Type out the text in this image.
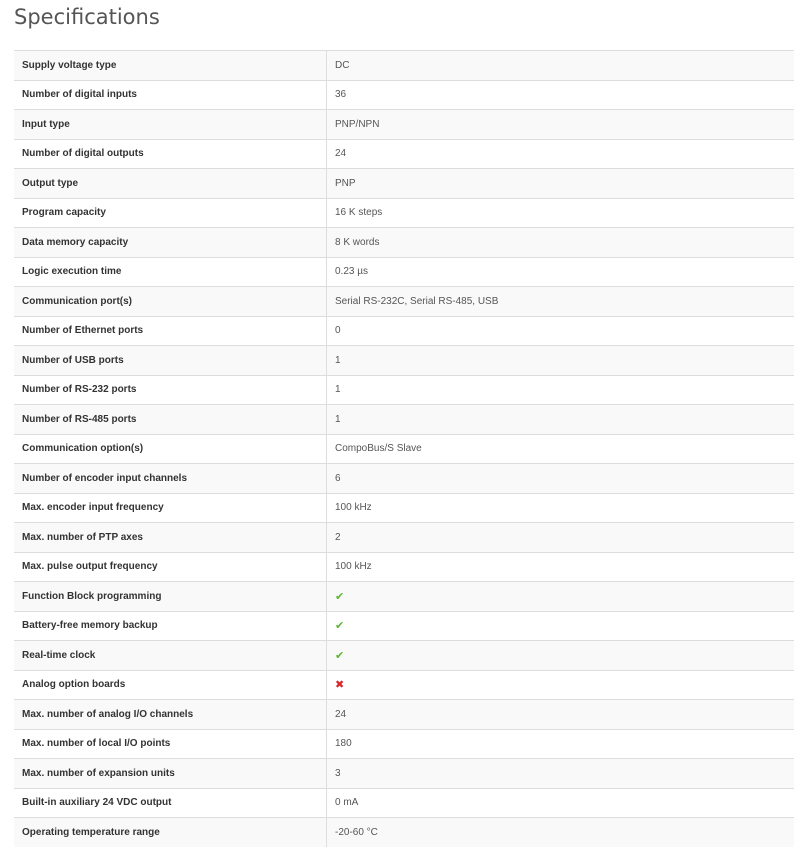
Specifications
Supply voltage type	DC
Number of digital inputs	36
Input type	PNP/NPN
Number of digital outputs	24
Output type	PNP
Program capacity	16 K steps
Data memory capacity	8 K words
Logic execution time	0.23 µs
Communication port(s)	Serial RS-232C, Serial RS-485, USB
Number of Ethernet ports	0
Number of USB ports	1
Number of RS-232 ports	1
Number of RS-485 ports	1
Communication option(s)	CompoBus/S Slave
Number of encoder input channels	6
Max. encoder input frequency	100 kHz
Max. number of PTP axes	2
Max. pulse output frequency	100 kHz
Function Block programming	✔
Battery-free memory backup	✔
Real-time clock	✔
Analog option boards	✖
Max. number of analog I/O channels	24
Max. number of local I/O points	180
Max. number of expansion units	3
Built-in auxiliary 24 VDC output	0 mA
Operating temperature range	-20-60 °C
